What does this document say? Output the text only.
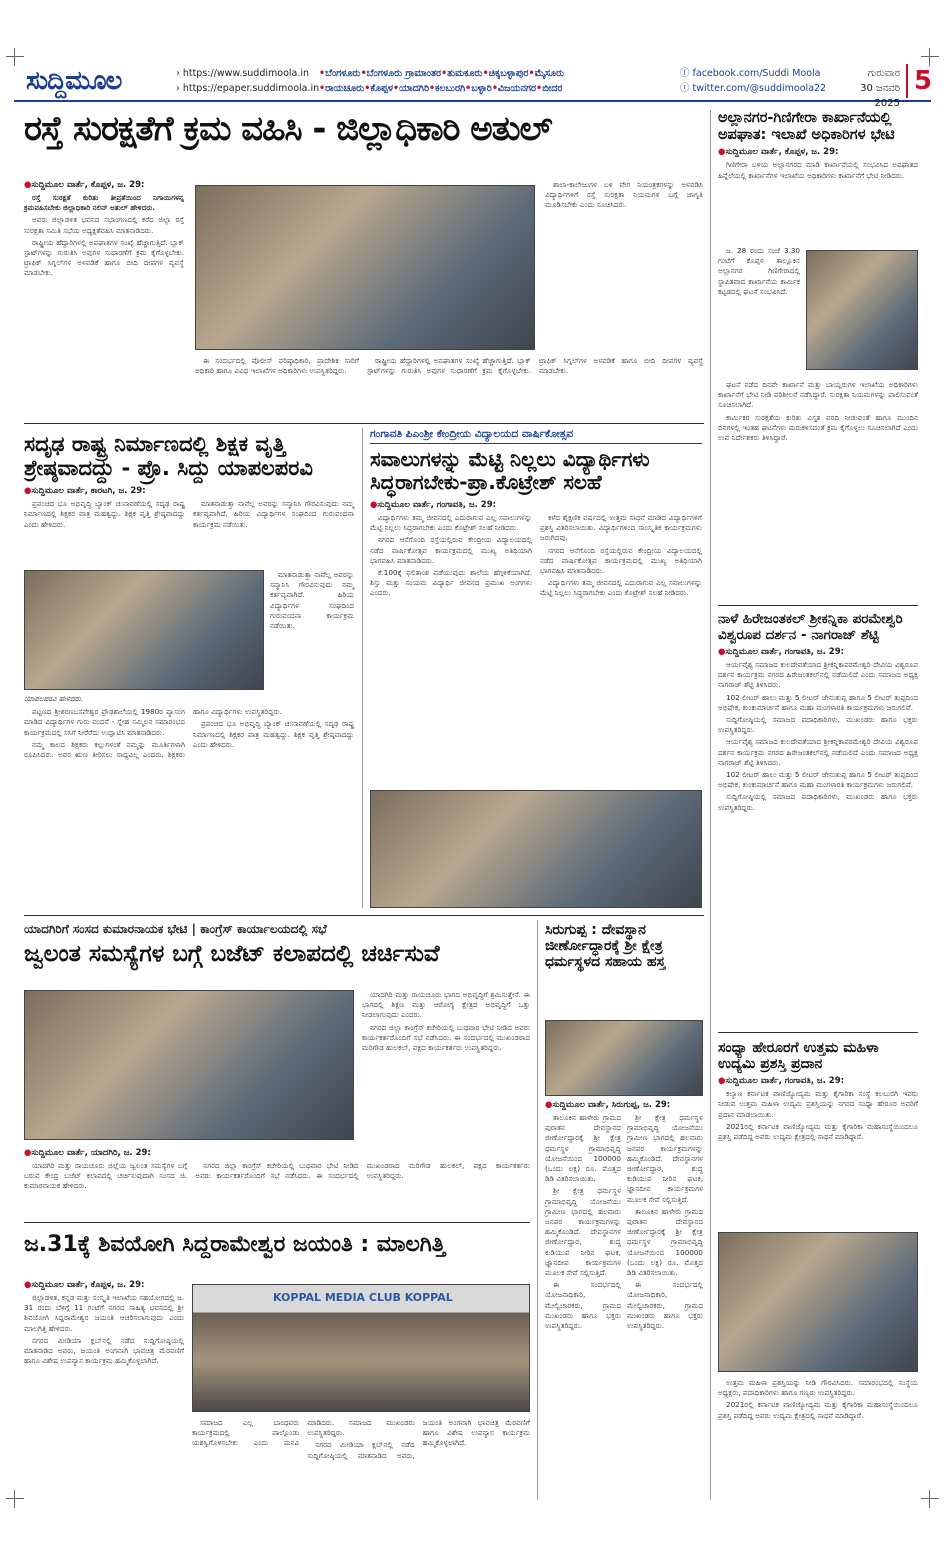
ಸುದ್ದಿಮೂಲ	› https://www.suddimoola.in
› https://epaper.suddimoola.in
•ಬೆಂಗಳೂರು•ಬೆಂಗಳೂರು ಗ್ರಾಮಾಂತರ•ತುಮಕೂರು•ಚಿಕ್ಕಬಳ್ಳಾಪುರ•ಮೈಸೂರು
•ರಾಯಚೂರು•ಕೊಪ್ಪಳ•ಯಾದಗಿರಿ•ಕಲಬುರಗಿ•ಬಳ್ಳಾರಿ•ವಿಜಯನಗರ•ಬೀದರ
ⓕ facebook.com/Suddi Moola
ⓣ twitter.com/@suddimoola22
ಗುರುವಾರ
30 ಜನವರಿ 2025
5
ರಸ್ತೆ ಸುರಕ್ಷತೆಗೆ ಕ್ರಮ ವಹಿಸಿ - ಜಿಲ್ಲಾಧಿಕಾರಿ ಅತುಲ್
●ಸುದ್ದಿಮೂಲ ವಾರ್ತೆ, ಕೊಪ್ಪಳ, ಜ. 29:

ರಸ್ತೆ ಸುರಕ್ಷತೆ ಕುರಿತು ತೀವ್ರತೆಯಿಂದ ನಿಗಾಯಿಗಳನ್ನ ಕ್ರಮವಹಿಸಬೇಕು ಜಿಲ್ಲಾಧಿಕಾರಿ ನಲಿನ್ ಅತುಲ್ ಹೇಳಿದರು.

ಅವರು ಜಿಲ್ಲಾಡಳಿತ ಭವನದ ಸಭಾಂಗಣದಲ್ಲಿ ಕರೆದ ಜಿಲ್ಲಾ ರಸ್ತೆ ಸುರಕ್ಷತಾ ಸಮಿತಿ ಸಭೆಯ ಅಧ್ಯಕ್ಷತೆವಹಿಸಿ ಮಾತನಾಡಿದರು.

ರಾಷ್ಟ್ರೀಯ ಹೆದ್ದಾರಿಗಳಲ್ಲಿ ಅಪಘಾತಗಳ ಸಂಖ್ಯೆ ಹೆಚ್ಚಾಗುತ್ತಿದೆ. ಬ್ಲಾಕ್ ಸ್ಪಾಟ್‌ಗಳನ್ನು ಗುರುತಿಸಿ ಅವುಗಳ ಸುಧಾರಣೆಗೆ ಕ್ರಮ ಕೈಗೊಳ್ಳಬೇಕು. ಟ್ರಾಫಿಕ್ ಸಿಗ್ನಲ್‌ಗಳ ಅಳವಡಿಕೆ ಹಾಗೂ ಬೀದಿ ದೀಪಗಳ ವ್ಯವಸ್ಥೆ ಮಾಡಬೇಕು.

ಶಾಲಾ-ಕಾಲೇಜುಗಳ ಬಳಿ ವೇಗ ನಿಯಂತ್ರಕಗಳನ್ನು ಅಳವಡಿಸಿ ವಿದ್ಯಾರ್ಥಿಗಳಿಗೆ ರಸ್ತೆ ಸುರಕ್ಷತಾ ನಿಯಮಗಳ ಬಗ್ಗೆ ಜಾಗೃತಿ ಮೂಡಿಸಬೇಕು ಎಂದು ಸೂಚಿಸಿದರು.

ಈ ಸಂದರ್ಭದಲ್ಲಿ ಪೊಲೀಸ್ ವರಿಷ್ಠಾಧಿಕಾರಿ, ಪ್ರಾದೇಶಿಕ ಸಾರಿಗೆ ಅಧಿಕಾರಿ ಹಾಗೂ ವಿವಿಧ ಇಲಾಖೆಗಳ ಅಧಿಕಾರಿಗಳು ಉಪಸ್ಥಿತರಿದ್ದರು.

ರಾಷ್ಟ್ರೀಯ ಹೆದ್ದಾರಿಗಳಲ್ಲಿ ಅಪಘಾತಗಳ ಸಂಖ್ಯೆ ಹೆಚ್ಚಾಗುತ್ತಿದೆ. ಬ್ಲಾಕ್ ಸ್ಪಾಟ್‌ಗಳನ್ನು ಗುರುತಿಸಿ ಅವುಗಳ ಸುಧಾರಣೆಗೆ ಕ್ರಮ ಕೈಗೊಳ್ಳಬೇಕು. ಟ್ರಾಫಿಕ್ ಸಿಗ್ನಲ್‌ಗಳ ಅಳವಡಿಕೆ ಹಾಗೂ ಬೀದಿ ದೀಪಗಳ ವ್ಯವಸ್ಥೆ ಮಾಡಬೇಕು.

ಅಲ್ಲಾನಗರ-ಗಿಣಿಗೇರಾ ಕಾರ್ಖಾನೆಯಲ್ಲಿ ಅಪಘಾತ: ಇಲಾಖೆ ಅಧಿಕಾರಿಗಳ ಭೇಟಿ
●ಸುದ್ದಿಮೂಲ ವಾರ್ತೆ, ಕೊಪ್ಪಳ, ಜ. 29:

ಗಿಣಿಗೇರಾ ಬಳಿಯ ಅಲ್ಲಾನಗರದ ಮಾಡಿ ಕಾರ್ಖಾನೆಯಲ್ಲಿ ಸಂಭವಿಸಿದ ಅಪಘಾತದ ಹಿನ್ನೆಲೆಯಲ್ಲಿ ಕಾರ್ಖಾನೆಗಳ ಇಲಾಖೆಯ ಅಧಿಕಾರಿಗಳು ಕಾರ್ಖಾನೆಗೆ ಭೇಟಿ ನೀಡಿದರು.

ಜ. 28 ರಂದು ಸಂಜೆ 3.30 ಗಂಟೆಗೆ ಕೊಪ್ಪಳ ತಾಲ್ಲೂಕಿನ ಅಲ್ಲಾನಗರ ಗಿಣಿಗೇರಾದಲ್ಲಿ ಸ್ಥಾಪಿತವಾದ ಕಾರ್ಖಾನೆಯ ಕಾರ್ಮಿಕ ಕಟ್ಟಡದಲ್ಲಿ ಘಟನೆ ಸಂಭವಿಸಿದೆ.

ಘಟನೆ ನಡೆದ ದಿನವೇ ಕಾರ್ಖಾನೆ ಮತ್ತು ಬಾಯ್ಲರುಗಳ ಇಲಾಖೆಯ ಅಧಿಕಾರಿಗಳು ಕಾರ್ಖಾನೆಗೆ ಭೇಟಿ ನೀಡಿ ಪರಿಶೀಲನೆ ನಡೆಸಿದ್ದಾರೆ. ಸುರಕ್ಷತಾ ನಿಯಮಗಳನ್ನು ಪಾಲಿಸುವಂತೆ ಸೂಚಿಸಲಾಗಿದೆ.

ಕಾರ್ಮಿಕರ ಸುರಕ್ಷತೆಯ ಕುರಿತು ವಿಸ್ತೃತ ವರದಿ ನೀಡುವಂತೆ ಹಾಗೂ ಮುಂದಿನ ದಿನಗಳಲ್ಲಿ ಇಂತಹ ಘಟನೆಗಳು ಮರುಕಳಿಸದಂತೆ ಕ್ರಮ ಕೈಗೊಳ್ಳಲು ಸೂಚಿಸಲಾಗಿದೆ ಎಂದು ಉಪ ನಿರ್ದೇಶಕರು ತಿಳಿಸಿದ್ದಾರೆ.

ಸದೃಢ ರಾಷ್ಟ್ರ ನಿರ್ಮಾಣದಲ್ಲಿ ಶಿಕ್ಷಕ ವೃತ್ತಿ ಶ್ರೇಷ್ಠವಾದದ್ದು - ಪ್ರೊ. ಸಿದ್ದು ಯಾಪಲಪರವಿ
●ಸುದ್ದಿಮೂಲ ವಾರ್ತೆ, ಕಾರಟಗಿ, ಜ. 29:

ಪ್ರಪಂಚದ ಭೂ ಅಭಿವೃದ್ಧಿ ಬ್ಯಾಂಕ್ ಚುನಾವಣೆಯಲ್ಲಿ ಸದೃಢ ರಾಷ್ಟ್ರ ನಿರ್ಮಾಣದಲ್ಲಿ ಶಿಕ್ಷಕರ ಪಾತ್ರ ಮಹತ್ವದ್ದು. ಶಿಕ್ಷಕ ವೃತ್ತಿ ಶ್ರೇಷ್ಠವಾದದ್ದು ಎಂದು ಹೇಳಿದರು.

ಮಾತನಾಡುತ್ತಾ ನಾವೆಲ್ಲ ಅವರನ್ನು ಸನ್ಮಾನಿಸಿ ಗೌರವಿಸುವುದು ನಮ್ಮ ಕರ್ತವ್ಯವಾಗಿದೆ. ಹಿರಿಯ ವಿದ್ಯಾರ್ಥಿಗಳ ಸಂಘದಿಂದ ಗುರುವಂದನಾ ಕಾರ್ಯಕ್ರಮ ನಡೆಯಿತು.

ಮಾತನಾಡುತ್ತಾ ನಾವೆಲ್ಲ ಅವರನ್ನು ಸನ್ಮಾನಿಸಿ ಗೌರವಿಸುವುದು ನಮ್ಮ ಕರ್ತವ್ಯವಾಗಿದೆ. ಹಿರಿಯ ವಿದ್ಯಾರ್ಥಿಗಳ ಸಂಘದಿಂದ ಗುರುವಂದನಾ ಕಾರ್ಯಕ್ರಮ ನಡೆಯಿತು.

ಯಾಪಲಪರವಿ ಹೇಳಿದರು.

ಪಟ್ಟಣದ ಶ್ರೀಶರಣಬಸವೇಶ್ವರ ಪ್ರೌಢಶಾಲೆಯಲ್ಲಿ 1980ರ ವ್ಯಾಸಂಗ ಮಾಡಿದ ವಿದ್ಯಾರ್ಥಿಗಳ ಗುರು ವಂದನೆ - ಸ್ನೇಹ ಸಮ್ಮಿಲನ ಸಮಾರಂಭದ ಕಾರ್ಯಕ್ರಮದಲ್ಲಿ ಸಸಿಗೆ ನೀರೆರೆದು ಉದ್ಘಾಟಿಸಿ ಮಾತನಾಡಿದರು.

ನಮ್ಮ ಕಾಲದ ಶಿಕ್ಷಕರು ಕಲ್ಲುಗಳಂತೆ ನಮ್ಮನ್ನು ಮೂರ್ತಿಗಳಾಗಿ ರೂಪಿಸಿದರು. ಅವರ ಋಣ ತೀರಿಸಲು ಸಾಧ್ಯವಿಲ್ಲ ಎಂದರು. ಶಿಕ್ಷಕರು ಹಾಗೂ ವಿದ್ಯಾರ್ಥಿಗಳು ಉಪಸ್ಥಿತರಿದ್ದರು.

ಪ್ರಪಂಚದ ಭೂ ಅಭಿವೃದ್ಧಿ ಬ್ಯಾಂಕ್ ಚುನಾವಣೆಯಲ್ಲಿ ಸದೃಢ ರಾಷ್ಟ್ರ ನಿರ್ಮಾಣದಲ್ಲಿ ಶಿಕ್ಷಕರ ಪಾತ್ರ ಮಹತ್ವದ್ದು. ಶಿಕ್ಷಕ ವೃತ್ತಿ ಶ್ರೇಷ್ಠವಾದದ್ದು ಎಂದು ಹೇಳಿದರು.

ಗಂಗಾವತಿ ಪಿಎಂಶ್ರೀ ಕೇಂದ್ರೀಯ ವಿದ್ಯಾಲಯದ ವಾರ್ಷಿಕೋತ್ಸವ
ಸವಾಲುಗಳನ್ನು ಮೆಟ್ಟಿ ನಿಲ್ಲಲು ವಿದ್ಯಾರ್ಥಿಗಳು ಸಿದ್ಧರಾಗಬೇಕು-ಪ್ರಾ.ಕೊಟ್ರೇಶ್ ಸಲಹೆ
●ಸುದ್ದಿಮೂಲ ವಾರ್ತೆ, ಗಂಗಾವತಿ, ಜ. 29:

ವಿದ್ಯಾರ್ಥಿಗಳು ತಮ್ಮ ಜೀವನದಲ್ಲಿ ಎದುರಾಗುವ ಎಲ್ಲ ಸವಾಲುಗಳನ್ನು ಮೆಟ್ಟಿ ನಿಲ್ಲಲು ಸಿದ್ಧರಾಗಬೇಕು ಎಂದು ಕೊಟ್ರೇಶ್ ಸಲಹೆ ನೀಡಿದರು.

ನಗರದ ಆನೆಗೊಂದಿ ರಸ್ತೆಯಲ್ಲಿರುವ ಕೇಂದ್ರೀಯ ವಿದ್ಯಾಲಯದಲ್ಲಿ ನಡೆದ ವಾರ್ಷಿಕೋತ್ಸವ ಕಾರ್ಯಕ್ರಮದಲ್ಲಿ ಮುಖ್ಯ ಅತಿಥಿಯಾಗಿ ಭಾಗವಹಿಸಿ ಮಾತನಾಡಿದರು.

ಕೆ.100ಕ್ಕೆ ಫಲಿತಾಂಶ ಪಡೆಯುವುದು ಶಾಲೆಯ ಹೆಗ್ಗಳಿಕೆಯಾಗಿದೆ. ಶಿಸ್ತು ಮತ್ತು ಸಂಯಮ ವಿದ್ಯಾರ್ಥಿ ಜೀವನದ ಪ್ರಮುಖ ಅಂಗಗಳು ಎಂದರು.

ಕಳೆದ ಶೈಕ್ಷಣಿಕ ವರ್ಷದಲ್ಲಿ ಉತ್ತಮ ಸಾಧನೆ ಮಾಡಿದ ವಿದ್ಯಾರ್ಥಿಗಳಿಗೆ ಪ್ರಶಸ್ತಿ ವಿತರಿಸಲಾಯಿತು. ವಿದ್ಯಾರ್ಥಿಗಳಿಂದ ಸಾಂಸ್ಕೃತಿಕ ಕಾರ್ಯಕ್ರಮಗಳು ಜರುಗಿದವು.

ನಗರದ ಆನೆಗೊಂದಿ ರಸ್ತೆಯಲ್ಲಿರುವ ಕೇಂದ್ರೀಯ ವಿದ್ಯಾಲಯದಲ್ಲಿ ನಡೆದ ವಾರ್ಷಿಕೋತ್ಸವ ಕಾರ್ಯಕ್ರಮದಲ್ಲಿ ಮುಖ್ಯ ಅತಿಥಿಯಾಗಿ ಭಾಗವಹಿಸಿ ಮಾತನಾಡಿದರು.

ವಿದ್ಯಾರ್ಥಿಗಳು ತಮ್ಮ ಜೀವನದಲ್ಲಿ ಎದುರಾಗುವ ಎಲ್ಲ ಸವಾಲುಗಳನ್ನು ಮೆಟ್ಟಿ ನಿಲ್ಲಲು ಸಿದ್ಧರಾಗಬೇಕು ಎಂದು ಕೊಟ್ರೇಶ್ ಸಲಹೆ ನೀಡಿದರು.

ನಾಳೆ ಹಿರೇಜಂತಕಲ್ ಶ್ರೀಕನ್ನಿಕಾ ಪರಮೇಶ್ವರಿ ವಿಶ್ವರೂಪ ದರ್ಶನ - ನಾಗರಾಜ್ ಶೆಟ್ಟಿ
●ಸುದ್ದಿಮೂಲ ವಾರ್ತೆ, ಗಂಗಾವತಿ, ಜ. 29:

ಆರ್ಯವೈಶ್ಯ ಸಮಾಜದ ಕುಲದೇವತೆಯಾದ ಶ್ರೀಕನ್ನಿಕಾಪರಮೇಶ್ವರಿ ದೇವಿಯ ವಿಶ್ವರೂಪ ದರ್ಶನ ಕಾರ್ಯಕ್ರಮ ನಗರದ ಹಿರೇಜಂತಕಲ್‌ನಲ್ಲಿ ನಡೆಯಲಿದೆ ಎಂದು ಸಮಾಜದ ಅಧ್ಯಕ್ಷ ನಾಗರಾಜ್ ಶೆಟ್ಟಿ ತಿಳಿಸಿದರು.

102 ಲೀಟರ್ ಹಾಲು ಮತ್ತು 5 ಲೀಟರ್ ಜೇನುತುಪ್ಪ ಹಾಗೂ 5 ಲೀಟರ್ ತುಪ್ಪದಿಂದ ಅಭಿಷೇಕ, ಕುಂಕುಮಾರ್ಚನೆ ಹಾಗೂ ಮಹಾ ಮಂಗಳಾರತಿ ಕಾರ್ಯಕ್ರಮಗಳು ಜರುಗಲಿವೆ.

ಸುದ್ದಿಗೋಷ್ಠಿಯಲ್ಲಿ ಸಮಾಜದ ಪದಾಧಿಕಾರಿಗಳು, ಮುಖಂಡರು ಹಾಗೂ ಭಕ್ತರು ಉಪಸ್ಥಿತರಿದ್ದರು.

ಆರ್ಯವೈಶ್ಯ ಸಮಾಜದ ಕುಲದೇವತೆಯಾದ ಶ್ರೀಕನ್ನಿಕಾಪರಮೇಶ್ವರಿ ದೇವಿಯ ವಿಶ್ವರೂಪ ದರ್ಶನ ಕಾರ್ಯಕ್ರಮ ನಗರದ ಹಿರೇಜಂತಕಲ್‌ನಲ್ಲಿ ನಡೆಯಲಿದೆ ಎಂದು ಸಮಾಜದ ಅಧ್ಯಕ್ಷ ನಾಗರಾಜ್ ಶೆಟ್ಟಿ ತಿಳಿಸಿದರು.

102 ಲೀಟರ್ ಹಾಲು ಮತ್ತು 5 ಲೀಟರ್ ಜೇನುತುಪ್ಪ ಹಾಗೂ 5 ಲೀಟರ್ ತುಪ್ಪದಿಂದ ಅಭಿಷೇಕ, ಕುಂಕುಮಾರ್ಚನೆ ಹಾಗೂ ಮಹಾ ಮಂಗಳಾರತಿ ಕಾರ್ಯಕ್ರಮಗಳು ಜರುಗಲಿವೆ.

ಸುದ್ದಿಗೋಷ್ಠಿಯಲ್ಲಿ ಸಮಾಜದ ಪದಾಧಿಕಾರಿಗಳು, ಮುಖಂಡರು ಹಾಗೂ ಭಕ್ತರು ಉಪಸ್ಥಿತರಿದ್ದರು.

ಯಾದಗಿರಿಗೆ ಸಂಸದ ಕುಮಾರನಾಯಕ ಭೇಟಿ | ಕಾಂಗ್ರೆಸ್ ಕಾರ್ಯಾಲಯದಲ್ಲಿ ಸಭೆ
ಜ್ವಲಂತ ಸಮಸ್ಯೆಗಳ ಬಗ್ಗೆ ಬಜೆಟ್ ಕಲಾಪದಲ್ಲಿ ಚರ್ಚಿಸುವೆ

ಯಾದಗಿರಿ ಮತ್ತು ರಾಯಚೂರು ಭಾಗದ ಅಭಿವೃದ್ಧಿಗೆ ಶ್ರಮಿಸುತ್ತೇನೆ. ಈ ಭಾಗದಲ್ಲಿ ಶಿಕ್ಷಣ ಮತ್ತು ಆರೋಗ್ಯ ಕ್ಷೇತ್ರದ ಅಭಿವೃದ್ಧಿಗೆ ಒತ್ತು ನೀಡಲಾಗುವುದು ಎಂದರು.

ನಗರದ ಜಿಲ್ಲಾ ಕಾಂಗ್ರೆಸ್ ಕಚೇರಿಯಲ್ಲಿ ಬುಧವಾರ ಭೇಟಿ ನೀಡಿದ ಅವರು ಕಾರ್ಯಕರ್ತರೊಂದಿಗೆ ಸಭೆ ನಡೆಸಿದರು. ಈ ಸಂದರ್ಭದಲ್ಲಿ ಮುಖಂಡರಾದ ಮರಿಗೌಡ ಹುಲಕಲ್, ಪಕ್ಷದ ಕಾರ್ಯಕರ್ತರು ಉಪಸ್ಥಿತರಿದ್ದರು.

●ಸುದ್ದಿಮೂಲ ವಾರ್ತೆ, ಯಾದಗಿರಿ, ಜ. 29:

ಯಾದಗಿರಿ ಮತ್ತು ರಾಯಚೂರು ಜಿಲ್ಲೆಯ ಜ್ವಲಂತ ಸಮಸ್ಯೆಗಳ ಬಗ್ಗೆ ಬರುವ ಕೇಂದ್ರ ಬಜೆಟ್ ಕಲಾಪದಲ್ಲಿ ಚರ್ಚಿಸುವುದಾಗಿ ಸಂಸದ ಜಿ. ಕುಮಾರನಾಯಕ ಹೇಳಿದರು.

ನಗರದ ಜಿಲ್ಲಾ ಕಾಂಗ್ರೆಸ್ ಕಚೇರಿಯಲ್ಲಿ ಬುಧವಾರ ಭೇಟಿ ನೀಡಿದ ಅವರು ಕಾರ್ಯಕರ್ತರೊಂದಿಗೆ ಸಭೆ ನಡೆಸಿದರು. ಈ ಸಂದರ್ಭದಲ್ಲಿ ಮುಖಂಡರಾದ ಮರಿಗೌಡ ಹುಲಕಲ್, ಪಕ್ಷದ ಕಾರ್ಯಕರ್ತರು ಉಪಸ್ಥಿತರಿದ್ದರು.

ಸಿರುಗುಪ್ಪ : ದೇವಸ್ಥಾನ
ಜೀರ್ಣೋದ್ಧಾರಕ್ಕೆ ಶ್ರೀ ಕ್ಷೇತ್ರ ಧರ್ಮಸ್ಥಳದ ಸಹಾಯ ಹಸ್ತ
●ಸುದ್ದಿಮೂಲ ವಾರ್ತೆ, ಸಿರುಗುಪ್ಪ, ಜ. 29:

ತಾಲೂಕಿನ ಹಾಳೇರು ಗ್ರಾಮದ ಪುರಾತನ ದೇವಸ್ಥಾನದ ಜೀರ್ಣೋದ್ಧಾರಕ್ಕೆ ಶ್ರೀ ಕ್ಷೇತ್ರ ಧರ್ಮಸ್ಥಳ ಗ್ರಾಮಾಭಿವೃದ್ಧಿ ಯೋಜನೆಯಿಂದ 100000 (ಒಂದು ಲಕ್ಷ) ರೂ. ಮೊತ್ತದ ಡಿಡಿ ವಿತರಿಸಲಾಯಿತು.

ಶ್ರೀ ಕ್ಷೇತ್ರ ಧರ್ಮಸ್ಥಳ ಗ್ರಾಮಾಭಿವೃದ್ಧಿ ಯೋಜನೆಯು ಗ್ರಾಮೀಣ ಭಾಗದಲ್ಲಿ ಹಲವಾರು ಜನಪರ ಕಾರ್ಯಕ್ರಮಗಳನ್ನು ಹಮ್ಮಿಕೊಂಡಿದೆ. ದೇವಸ್ಥಾನಗಳ ಜೀರ್ಣೋದ್ಧಾರ, ಶುದ್ಧ ಕುಡಿಯುವ ನೀರಿನ ಘಟಕ, ಜ್ಞಾನದೀಪ ಕಾರ್ಯಕ್ರಮಗಳ ಮೂಲಕ ಸೇವೆ ಸಲ್ಲಿಸುತ್ತಿದೆ.

ಈ ಸಂದರ್ಭದಲ್ಲಿ ಯೋಜನಾಧಿಕಾರಿ, ಮೇಲ್ವಿಚಾರಕರು, ಗ್ರಾಮದ ಮುಖಂಡರು ಹಾಗೂ ಭಕ್ತರು ಉಪಸ್ಥಿತರಿದ್ದರು.

ಶ್ರೀ ಕ್ಷೇತ್ರ ಧರ್ಮಸ್ಥಳ ಗ್ರಾಮಾಭಿವೃದ್ಧಿ ಯೋಜನೆಯು ಗ್ರಾಮೀಣ ಭಾಗದಲ್ಲಿ ಹಲವಾರು ಜನಪರ ಕಾರ್ಯಕ್ರಮಗಳನ್ನು ಹಮ್ಮಿಕೊಂಡಿದೆ. ದೇವಸ್ಥಾನಗಳ ಜೀರ್ಣೋದ್ಧಾರ, ಶುದ್ಧ ಕುಡಿಯುವ ನೀರಿನ ಘಟಕ, ಜ್ಞಾನದೀಪ ಕಾರ್ಯಕ್ರಮಗಳ ಮೂಲಕ ಸೇವೆ ಸಲ್ಲಿಸುತ್ತಿದೆ.

ತಾಲೂಕಿನ ಹಾಳೇರು ಗ್ರಾಮದ ಪುರಾತನ ದೇವಸ್ಥಾನದ ಜೀರ್ಣೋದ್ಧಾರಕ್ಕೆ ಶ್ರೀ ಕ್ಷೇತ್ರ ಧರ್ಮಸ್ಥಳ ಗ್ರಾಮಾಭಿವೃದ್ಧಿ ಯೋಜನೆಯಿಂದ 100000 (ಒಂದು ಲಕ್ಷ) ರೂ. ಮೊತ್ತದ ಡಿಡಿ ವಿತರಿಸಲಾಯಿತು.

ಈ ಸಂದರ್ಭದಲ್ಲಿ ಯೋಜನಾಧಿಕಾರಿ, ಮೇಲ್ವಿಚಾರಕರು, ಗ್ರಾಮದ ಮುಖಂಡರು ಹಾಗೂ ಭಕ್ತರು ಉಪಸ್ಥಿತರಿದ್ದರು.

ಸಂಧ್ಯಾ ಹೇರೂರಗೆ ಉತ್ತಮ ಮಹಿಳಾ ಉದ್ಯಮಿ ಪ್ರಶಸ್ತಿ ಪ್ರದಾನ
●ಸುದ್ದಿಮೂಲ ವಾರ್ತೆ, ಗಂಗಾವತಿ, ಜ. 29:

ಕಲ್ಯಾಣ ಕರ್ನಾಟಕ ವಾಣಿಜ್ಯೋದ್ಯಮ ಮತ್ತು ಕೈಗಾರಿಕಾ ಸಂಸ್ಥೆ ಕಲಬುರಗಿ ಇವರು ನೀಡುವ ಉತ್ತಮ ಮಹಿಳಾ ಉದ್ಯಮಿ ಪ್ರಶಸ್ತಿಯನ್ನು ನಗರದ ಸಂಧ್ಯಾ ಹೇರೂರ ಅವರಿಗೆ ಪ್ರದಾನ ಮಾಡಲಾಯಿತು.

2021ರಲ್ಲಿ ಕರ್ನಾಟಕ ವಾಣಿಜ್ಯೋದ್ಯಮ ಮತ್ತು ಕೈಗಾರಿಕಾ ಮಹಾಸಂಸ್ಥೆಯಿಂದಲೂ ಪ್ರಶಸ್ತಿ ಪಡೆದಿದ್ದ ಅವರು ಉದ್ಯಮ ಕ್ಷೇತ್ರದಲ್ಲಿ ಸಾಧನೆ ಮಾಡಿದ್ದಾರೆ.

ಉತ್ತಮ ಮಹಿಳಾ ಪ್ರಶಸ್ತಿಯನ್ನು ನೀಡಿ ಗೌರವಿಸಿದರು. ಸಮಾರಂಭದಲ್ಲಿ ಸಂಸ್ಥೆಯ ಅಧ್ಯಕ್ಷರು, ಪದಾಧಿಕಾರಿಗಳು ಹಾಗೂ ಗಣ್ಯರು ಉಪಸ್ಥಿತರಿದ್ದರು.

2021ರಲ್ಲಿ ಕರ್ನಾಟಕ ವಾಣಿಜ್ಯೋದ್ಯಮ ಮತ್ತು ಕೈಗಾರಿಕಾ ಮಹಾಸಂಸ್ಥೆಯಿಂದಲೂ ಪ್ರಶಸ್ತಿ ಪಡೆದಿದ್ದ ಅವರು ಉದ್ಯಮ ಕ್ಷೇತ್ರದಲ್ಲಿ ಸಾಧನೆ ಮಾಡಿದ್ದಾರೆ.

ಜ.31ಕ್ಕೆ ಶಿವಯೋಗಿ ಸಿದ್ದರಾಮೇಶ್ವರ ಜಯಂತಿ : ಮಾಲಗಿತ್ತಿ
●ಸುದ್ದಿಮೂಲ ವಾರ್ತೆ, ಕೊಪ್ಪಳ, ಜ. 29:

ಜಿಲ್ಲಾಡಳಿತ, ಕನ್ನಡ ಮತ್ತು ಸಂಸ್ಕೃತಿ ಇಲಾಖೆಯ ಸಹಯೋಗದಲ್ಲಿ ಜ. 31 ರಂದು ಬೆಳಿಗ್ಗೆ 11 ಗಂಟೆಗೆ ನಗರದ ಸಾಹಿತ್ಯ ಭವನದಲ್ಲಿ ಶ್ರೀ ಶಿವಯೋಗಿ ಸಿದ್ದರಾಮೇಶ್ವರ ಜಯಂತಿ ಆಚರಿಸಲಾಗುವುದು ಎಂದು ಮಾಲಗಿತ್ತಿ ಹೇಳಿದರು.

ನಗರದ ಮೀಡಿಯಾ ಕ್ಲಬ್‌ನಲ್ಲಿ ನಡೆದ ಸುದ್ದಿಗೋಷ್ಠಿಯಲ್ಲಿ ಮಾತನಾಡಿದ ಅವರು, ಜಯಂತಿ ಅಂಗವಾಗಿ ಭಾವಚಿತ್ರ ಮೆರವಣಿಗೆ ಹಾಗೂ ವಿಶೇಷ ಉಪನ್ಯಾಸ ಕಾರ್ಯಕ್ರಮ ಹಮ್ಮಿಕೊಳ್ಳಲಾಗಿದೆ.

KOPPAL MEDIA CLUB KOPPAL

ಸಮಾಜದ ಎಲ್ಲ ಬಾಂಧವರು ಕಾರ್ಯಕ್ರಮದಲ್ಲಿ ಪಾಲ್ಗೊಂಡು ಯಶಸ್ವಿಗೊಳಿಸಬೇಕು ಎಂದು ಮನವಿ ಮಾಡಿದರು. ಸಮಾಜದ ಮುಖಂಡರು ಉಪಸ್ಥಿತರಿದ್ದರು.

ನಗರದ ಮೀಡಿಯಾ ಕ್ಲಬ್‌ನಲ್ಲಿ ನಡೆದ ಸುದ್ದಿಗೋಷ್ಠಿಯಲ್ಲಿ ಮಾತನಾಡಿದ ಅವರು, ಜಯಂತಿ ಅಂಗವಾಗಿ ಭಾವಚಿತ್ರ ಮೆರವಣಿಗೆ ಹಾಗೂ ವಿಶೇಷ ಉಪನ್ಯಾಸ ಕಾರ್ಯಕ್ರಮ ಹಮ್ಮಿಕೊಳ್ಳಲಾಗಿದೆ.
